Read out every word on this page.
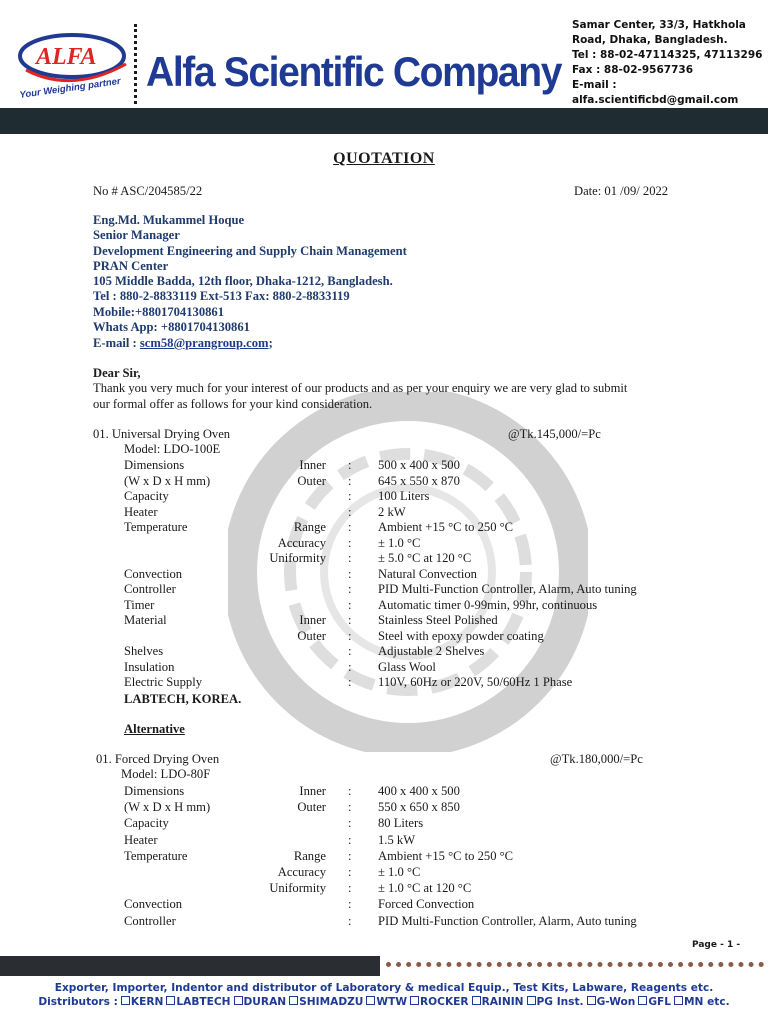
ALFA
Your Weighing partner Alfa Scientific Company
Samar Center, 33/3, Hatkhola
Road, Dhaka, Bangladesh.
Tel : 88-02-47114325, 47113296
Fax : 88-02-9567736
E-mail : alfa.scientificbd@gmail.com
QUOTATION
No # ASC/204585/22	Date: 01 /09/ 2022
Eng.Md. Mukammel Hoque
Senior Manager
Development Engineering and Supply Chain Management
PRAN Center
105 Middle Badda, 12th floor, Dhaka-1212, Bangladesh.
Tel : 880-2-8833119 Ext-513 Fax: 880-2-8833119
Mobile:+8801704130861
Whats App: +8801704130861
E-mail : scm58@prangroup.com;
Dear Sir,
Thank you very much for your interest of our products and as per your enquiry we are very glad to submit
our formal offer as follows for your kind consideration.
01. Universal Drying Oven	@Tk.145,000/=Pc
Model: LDO-100E
Dimensions	Inner : 500 x 400 x 500
(W x D x H mm)	Outer : 645 x 550 x 870
Capacity	: 100 Liters
Heater	: 2 kW
Temperature	Range : Ambient +15 °C to 250 °C
Accuracy : ± 1.0 °C
Uniformity : ± 5.0 °C at 120 °C
Convection	: Natural Convection
Controller	: PID Multi-Function Controller, Alarm, Auto tuning
Timer	: Automatic timer 0-99min, 99hr, continuous
Material	Inner : Stainless Steel Polished
Outer : Steel with epoxy powder coating
Shelves	: Adjustable 2 Shelves
Insulation	: Glass Wool
Electric Supply	: 110V, 60Hz or 220V, 50/60Hz 1 Phase
LABTECH, KOREA.
Alternative
01. Forced Drying Oven	@Tk.180,000/=Pc
Model: LDO-80F
Dimensions	Inner : 400 x 400 x 500
(W x D x H mm)	Outer : 550 x 650 x 850
Capacity	: 80 Liters
Heater	: 1.5 kW
Temperature	Range : Ambient +15 °C to 250 °C
Accuracy : ± 1.0 °C
Uniformity : ± 1.0 °C at 120 °C
Convection	: Forced Convection
Controller	: PID Multi-Function Controller, Alarm, Auto tuning
Page - 1 -
Exporter, Importer, Indentor and distributor of Laboratory & medical Equip., Test Kits, Labware, Reagents etc.
Distributors : KERN LABTECH DURAN SHIMADZU WTW ROCKER RAININ PG Inst. G-Won GFL MN etc.
